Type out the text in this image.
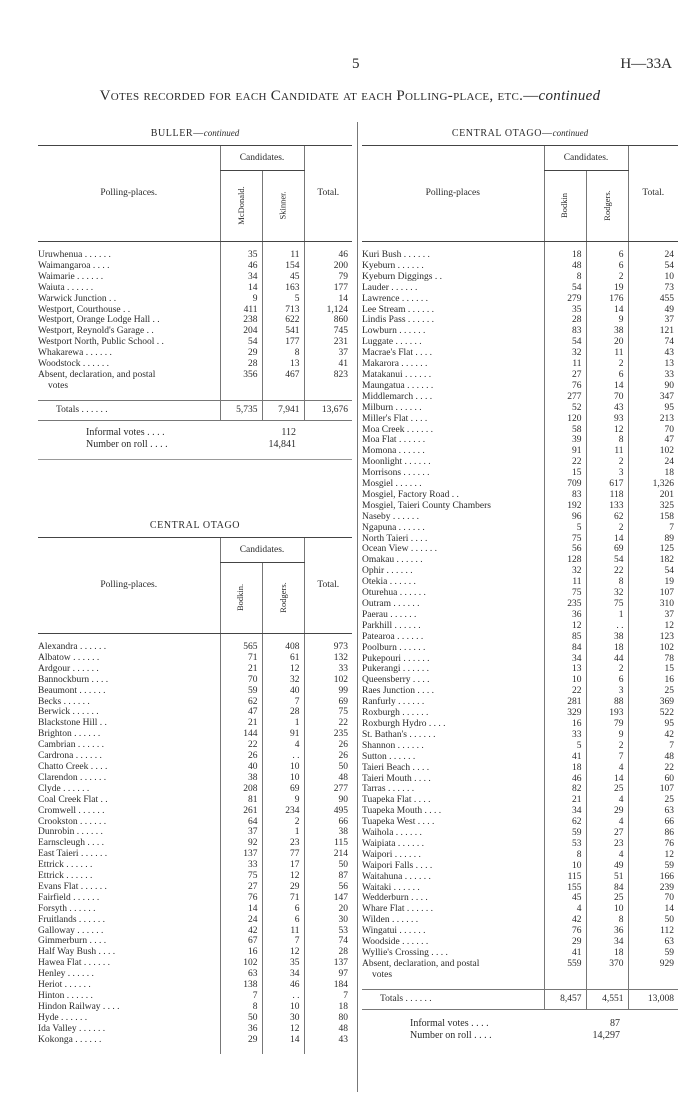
5	H—33A
Votes recorded for each Candidate at each Polling-place, etc.—continued
BULLER—continued
Polling-places.	Candidates.		Total.
	McDonald.	Skinner.	

Uruwhenua . . . . . .	35	11	46
Waimangaroa . . . .	46	154	200
Waimarie . . . . . .	34	45	79
Waiuta . . . . . .	14	163	177
Warwick Junction . .	9	5	14
Westport, Courthouse . .	411	713	1,124
Westport, Orange Lodge Hall . .	238	622	860
Westport, Reynold's Garage . .	204	541	745
Westport North, Public School . .	54	177	231
Whakarewa . . . . . .	29	8	37
Woodstock . . . . . .	28	13	41
Absent, declaration, and postal	356	467	823
votes			

Totals . . . . . .	5,735	7,941	13,676
Informal votes . . . .	112
Number on roll . . . .	14,841
CENTRAL OTAGO
Polling-places.	Candidates.		Total.
	Bodkin.	Rodgers.	

Alexandra . . . . . .	565	408	973
Albatow . . . . . .	71	61	132
Ardgour . . . . . .	21	12	33
Bannockburn . . . .	70	32	102
Beaumont . . . . . .	59	40	99
Becks . . . . . .	62	7	69
Berwick . . . . . .	47	28	75
Blackstone Hill . .	21	1	22
Brighton . . . . . .	144	91	235
Cambrian . . . . . .	22	4	26
Cardrona . . . . . .	26	. .	26
Chatto Creek . . . .	40	10	50
Clarendon . . . . . .	38	10	48
Clyde . . . . . .	208	69	277
Coal Creek Flat . .	81	9	90
Cromwell . . . . . .	261	234	495
Crookston . . . . . .	64	2	66
Dunrobin . . . . . .	37	1	38
Earnscleugh . . . .	92	23	115
East Taieri . . . . . .	137	77	214
Ettrick . . . . . .	33	17	50
Ettrick . . . . . .	75	12	87
Evans Flat . . . . . .	27	29	56
Fairfield . . . . . .	76	71	147
Forsyth . . . . . .	14	6	20
Fruitlands . . . . . .	24	6	30
Galloway . . . . . .	42	11	53
Gimmerburn . . . .	67	7	74
Half Way Bush . . . .	16	12	28
Hawea Flat . . . . . .	102	35	137
Henley . . . . . .	63	34	97
Heriot . . . . . .	138	46	184
Hinton . . . . . .	7	. .	7
Hindon Railway . . . .	8	10	18
Hyde . . . . . .	50	30	80
Ida Valley . . . . . .	36	12	48
Kokonga . . . . . .	29	14	43

CENTRAL OTAGO—continued
Polling-places	Candidates.		Total.
	Bodkin	Rodgers.	

Kuri Bush . . . . . .	18	6	24
Kyeburn . . . . . .	48	6	54
Kyeburn Diggings . .	8	2	10
Lauder . . . . . .	54	19	73
Lawrence . . . . . .	279	176	455
Lee Stream . . . . . .	35	14	49
Lindis Pass . . . . . .	28	9	37
Lowburn . . . . . .	83	38	121
Luggate . . . . . .	54	20	74
Macrae's Flat . . . .	32	11	43
Makarora . . . . . .	11	2	13
Matakanui . . . . . .	27	6	33
Maungatua . . . . . .	76	14	90
Middlemarch . . . .	277	70	347
Milburn . . . . . .	52	43	95
Miller's Flat . . . .	120	93	213
Moa Creek . . . . . .	58	12	70
Moa Flat . . . . . .	39	8	47
Momona . . . . . .	91	11	102
Moonlight . . . . . .	22	2	24
Morrisons . . . . . .	15	3	18
Mosgiel . . . . . .	709	617	1,326
Mosgiel, Factory Road . .	83	118	201
Mosgiel, Taieri County Chambers	192	133	325
Naseby . . . . . .	96	62	158
Ngapuna . . . . . .	5	2	7
North Taieri . . . .	75	14	89
Ocean View . . . . . .	56	69	125
Omakau . . . . . .	128	54	182
Ophir . . . . . .	32	22	54
Otekia . . . . . .	11	8	19
Oturehua . . . . . .	75	32	107
Outram . . . . . .	235	75	310
Paerau . . . . . .	36	1	37
Parkhill . . . . . .	12	. .	12
Patearoa . . . . . .	85	38	123
Poolburn . . . . . .	84	18	102
Pukepouri . . . . . .	34	44	78
Pukerangi . . . . . .	13	2	15
Queensberry . . . .	10	6	16
Raes Junction . . . .	22	3	25
Ranfurly . . . . . .	281	88	369
Roxburgh . . . . . .	329	193	522
Roxburgh Hydro . . . .	16	79	95
St. Bathan's . . . . . .	33	9	42
Shannon . . . . . .	5	2	7
Sutton . . . . . .	41	7	48
Taieri Beach . . . .	18	4	22
Taieri Mouth . . . .	46	14	60
Tarras . . . . . .	82	25	107
Tuapeka Flat . . . .	21	4	25
Tuapeka Mouth . . . .	34	29	63
Tuapeka West . . . .	62	4	66
Waihola . . . . . .	59	27	86
Waipiata . . . . . .	53	23	76
Waipori . . . . . .	8	4	12
Waipori Falls . . . .	10	49	59
Waitahuna . . . . . .	115	51	166
Waitaki . . . . . .	155	84	239
Wedderburn . . . .	45	25	70
Whare Flat . . . . . .	4	10	14
Wilden . . . . . .	42	8	50
Wingatui . . . . . .	76	36	112
Woodside . . . . . .	29	34	63
Wyllie's Crossing . . . .	41	18	59
Absent, declaration, and postal	559	370	929
votes			

Totals . . . . . .	8,457	4,551	13,008
Informal votes . . . .	87
Number on roll . . . .	14,297
